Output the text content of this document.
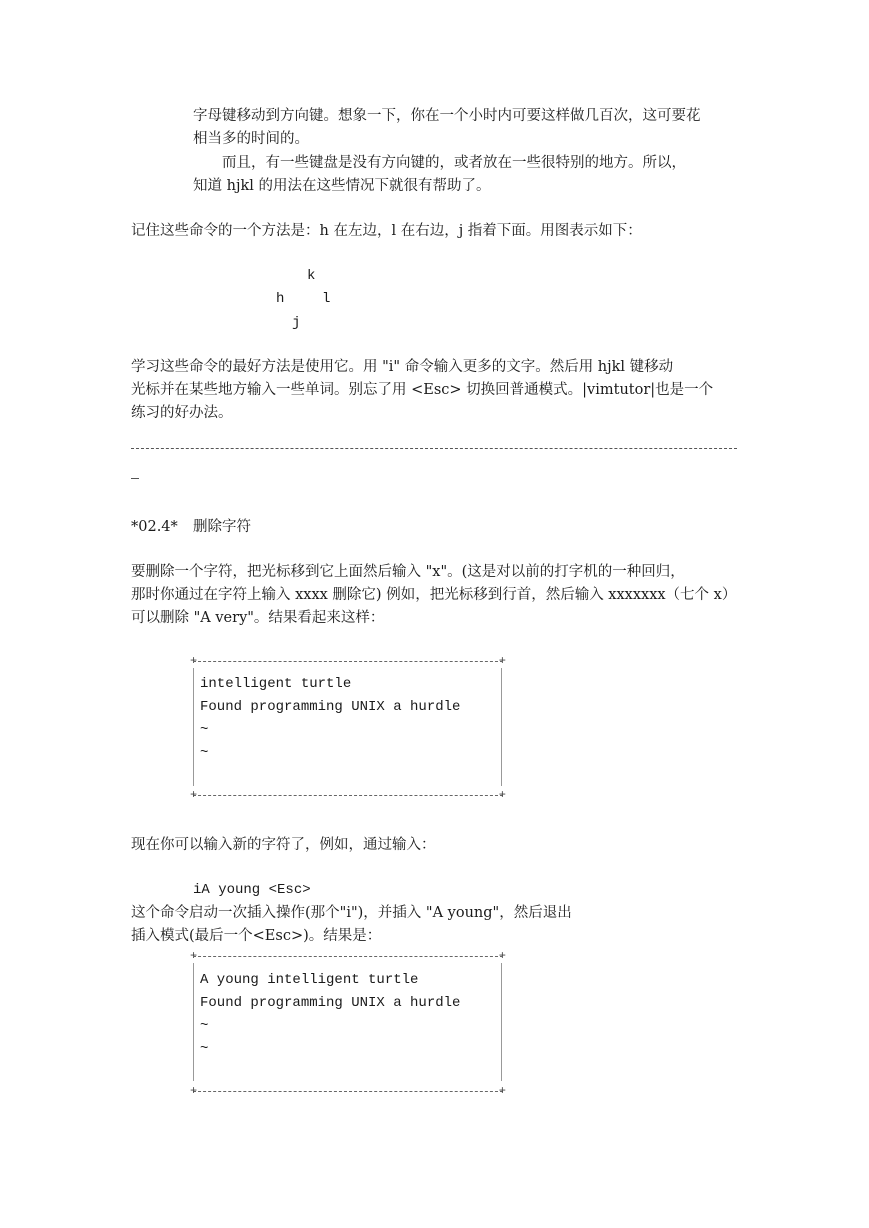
字母键移动到方向键。想象一下，你在一个小时内可要这样做几百次，这可要花
相当多的时间的。
　　而且，有一些键盘是没有方向键的，或者放在一些很特别的地方。所以，
知道 hjkl 的用法在这些情况下就很有帮助了。
记住这些命令的一个方法是：h 在左边，l 在右边，j 指着下面。用图表示如下：
k
h	l
j
学习这些命令的最好方法是使用它。用 "i" 命令输入更多的文字。然后用 hjkl 键移动
光标并在某些地方输入一些单词。别忘了用 <Esc> 切换回普通模式。|vimtutor|也是一个
练习的好办法。
*02.4* 删除字符
要删除一个字符，把光标移到它上面然后输入 "x"。(这是对以前的打字机的一种回归，
那时你通过在字符上输入 xxxx 删除它) 例如，把光标移到行首，然后输入 xxxxxxx（七个 x）
可以删除 "A very"。结果看起来这样：
+	+
intelligent turtle
Found programming UNIX a hurdle
~
~
+	+
现在你可以输入新的字符了，例如，通过输入：
iA young <Esc>
这个命令启动一次插入操作(那个"i")，并插入 "A young"，然后退出
插入模式(最后一个<Esc>)。结果是：
+	+
A young intelligent turtle
Found programming UNIX a hurdle
~
~
+	+
